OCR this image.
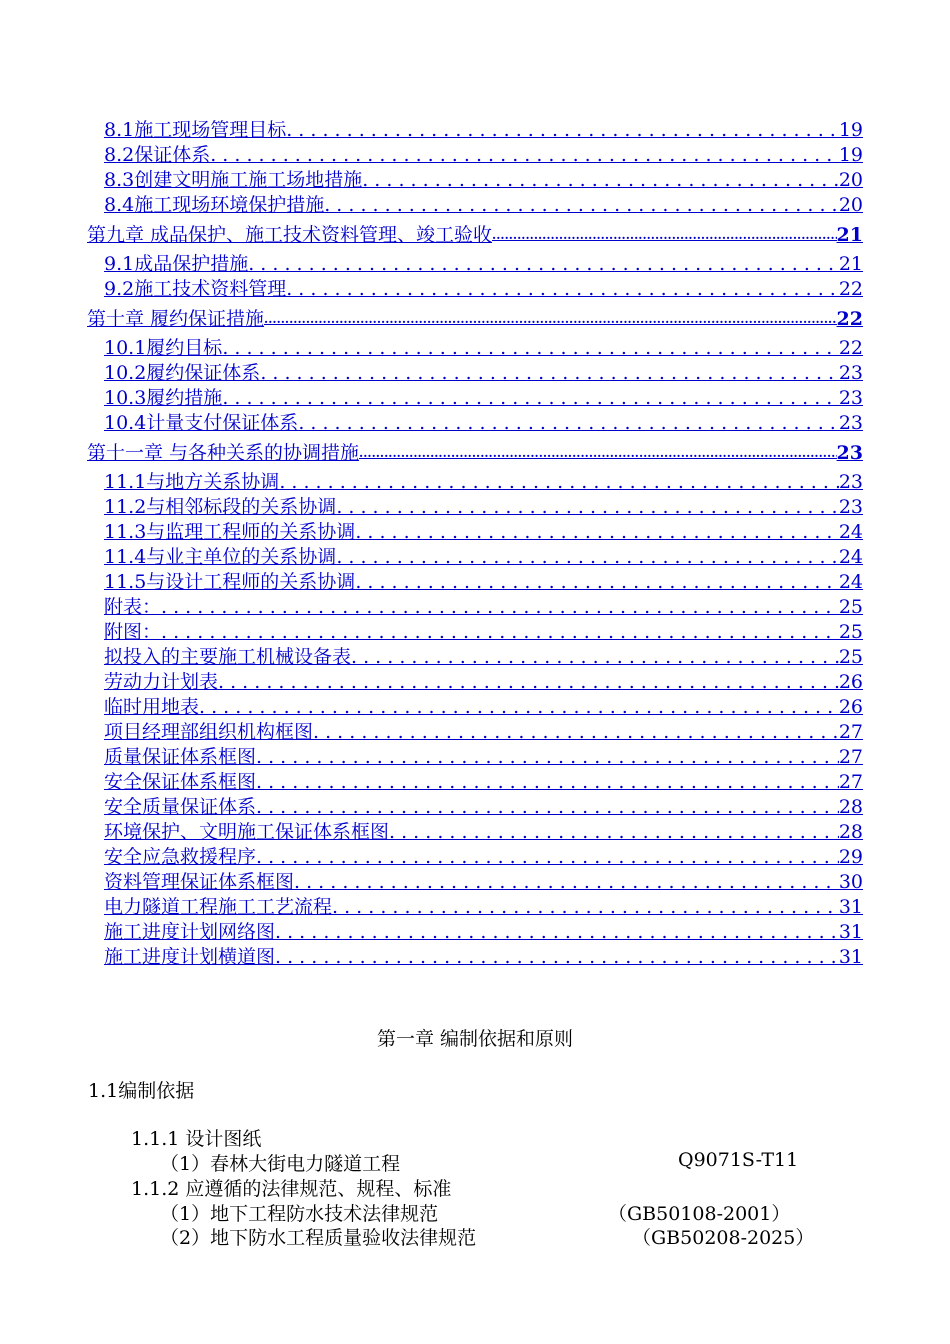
8.1施工现场管理目标 . . .	19
8.2保证体系 . . .	19
8.3创建文明施工施工场地措施 . . .	20
8.4施工现场环境保护措施 . . .	20
第九章 成品保护、施工技术资料管理、竣工验收 .....	21
9.1成品保护措施 . . .	21
9.2施工技术资料管理 . . .	22
第十章 履约保证措施 .....	22
10.1履约目标 . . .	22
10.2履约保证体系 . . .	23
10.3履约措施 . . .	23
10.4计量支付保证体系 . . .	23
第十一章 与各种关系的协调措施 .....	23
11.1与地方关系协调 . . .	23
11.2与相邻标段的关系协调 . . .	23
11.3与监理工程师的关系协调 . . .	24
11.4与业主单位的关系协调 . . .	24
11.5与设计工程师的关系协调 . . .	24
附表： . . .	25
附图： . . .	25
拟投入的主要施工机械设备表 . . .	25
劳动力计划表 . . .	26
临时用地表 . . .	26
项目经理部组织机构框图 . . .	27
质量保证体系框图 . . .	27
安全保证体系框图 . . .	27
安全质量保证体系 . . .	28
环境保护、文明施工保证体系框图 . . .	28
安全应急救援程序 . . .	29
资料管理保证体系框图 . . .	30
电力隧道工程施工工艺流程 . . .	31
施工进度计划网络图 . . .	31
施工进度计划横道图 . . .	31
第一章 编制依据和原则
1.1编制依据
1.1.1 设计图纸
（1）春林大街电力隧道工程	Q9071S-T11
1.1.2 应遵循的法律规范、规程、标准
（1）地下工程防水技术法律规范	（GB50108-2001）
（2）地下防水工程质量验收法律规范	（GB50208-2025）
